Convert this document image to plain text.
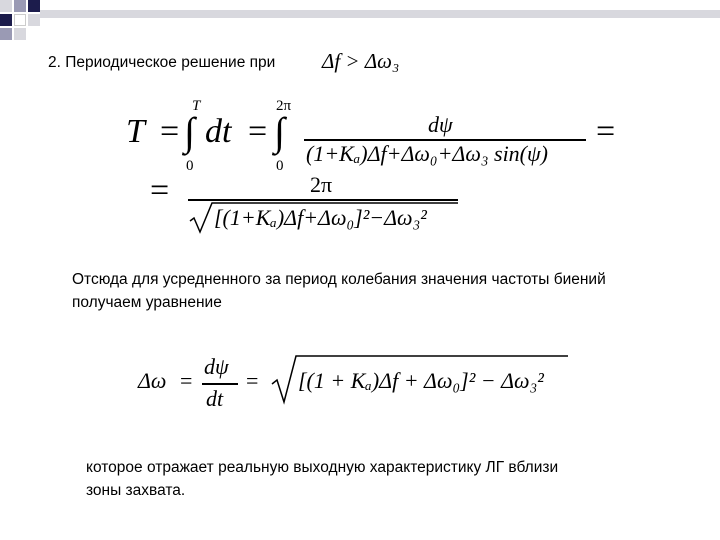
2. Периодическое решение при Δf > Δω₃
T =
T
∫
0
dt =
2π
∫
0
dψ
(1+Kₐ)Δf+Δω₀+Δω₃ sin(ψ)
=
=	2π
[(1+Kₐ)Δf+Δω₀]²−Δω₃²
Отсюда для усредненного за период колебания значения частоты биений
получаем уравнение
Δω =
dψ
dt
= [(1 + Kₐ)Δf + Δω₀]² − Δω₃²
которое отражает реальную выходную характеристику ЛГ вблизи
зоны захвата.
